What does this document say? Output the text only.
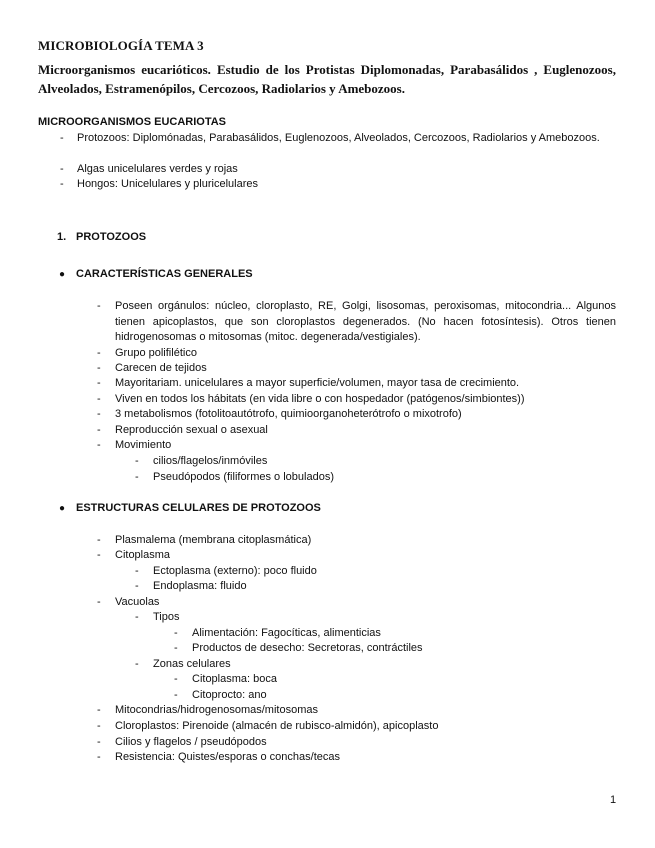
MICROBIOLOGÍA TEMA 3
Microorganismos eucarióticos. Estudio de los Protistas Diplomonadas, Parabasálidos , Euglenozoos, Alveolados, Estramenópilos, Cercozoos, Radiolarios y Amebozoos.
MICROORGANISMOS EUCARIOTAS
- Protozoos: Diplomónadas, Parabasálidos, Euglenozoos, Alveolados, Cercozoos, Radiolarios y Amebozoos.
- Algas unicelulares verdes y rojas
- Hongos: Unicelulares y pluricelulares
1. PROTOZOOS
● CARACTERÍSTICAS GENERALES
- Poseen orgánulos: núcleo, cloroplasto, RE, Golgi, lisosomas, peroxisomas, mitocondria... Algunos tienen apicoplastos, que son cloroplastos degenerados. (No hacen fotosíntesis). Otros tienen hidrogenosomas o mitosomas (mitoc. degenerada/vestigiales).
- Grupo polifilético
- Carecen de tejidos
- Mayoritariam. unicelulares a mayor superficie/volumen, mayor tasa de crecimiento.
- Viven en todos los hábitats (en vida libre o con hospedador (patógenos/simbiontes))
- 3 metabolismos (fotolitoautótrofo, quimioorganoheterótrofo o mixotrofo)
- Reproducción sexual o asexual
- Movimiento
- cilios/flagelos/inmóviles
- Pseudópodos (filiformes o lobulados)
● ESTRUCTURAS CELULARES DE PROTOZOOS
- Plasmalema (membrana citoplasmática)
- Citoplasma
- Ectoplasma (externo): poco fluido
- Endoplasma: fluido
- Vacuolas
- Tipos
- Alimentación: Fagocíticas, alimenticias
- Productos de desecho: Secretoras, contráctiles
- Zonas celulares
- Citoplasma: boca
- Citoprocto: ano
- Mitocondrias/hidrogenosomas/mitosomas
- Cloroplastos: Pirenoide (almacén de rubisco-almidón), apicoplasto
- Cilios y flagelos / pseudópodos
- Resistencia: Quistes/esporas o conchas/tecas
1
